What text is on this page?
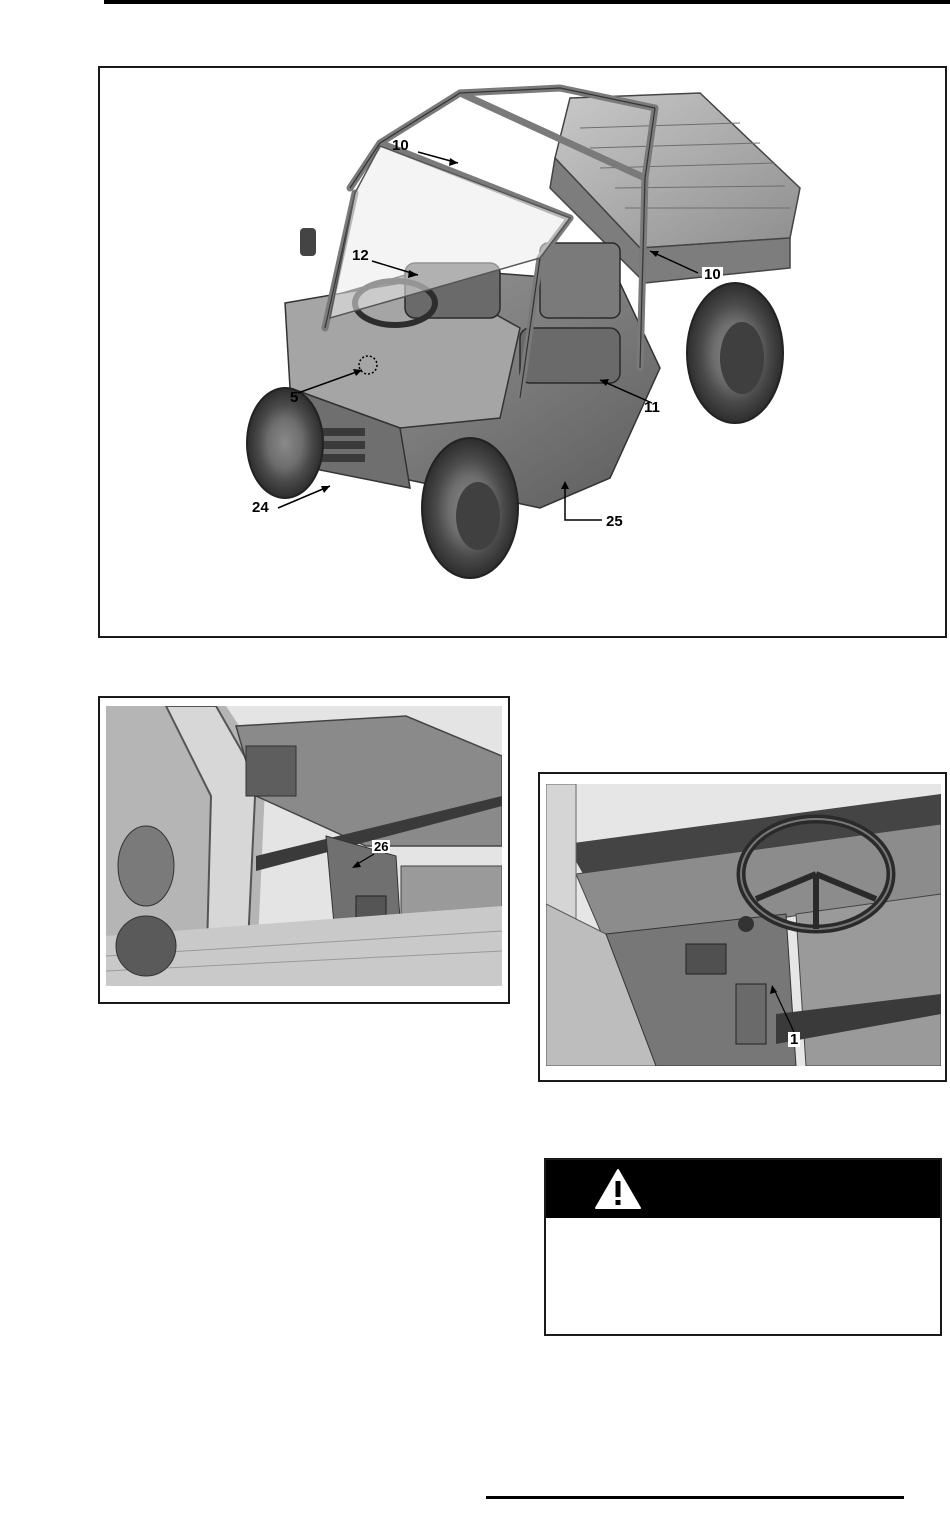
10
12
5
11
10
24
25
26
1
